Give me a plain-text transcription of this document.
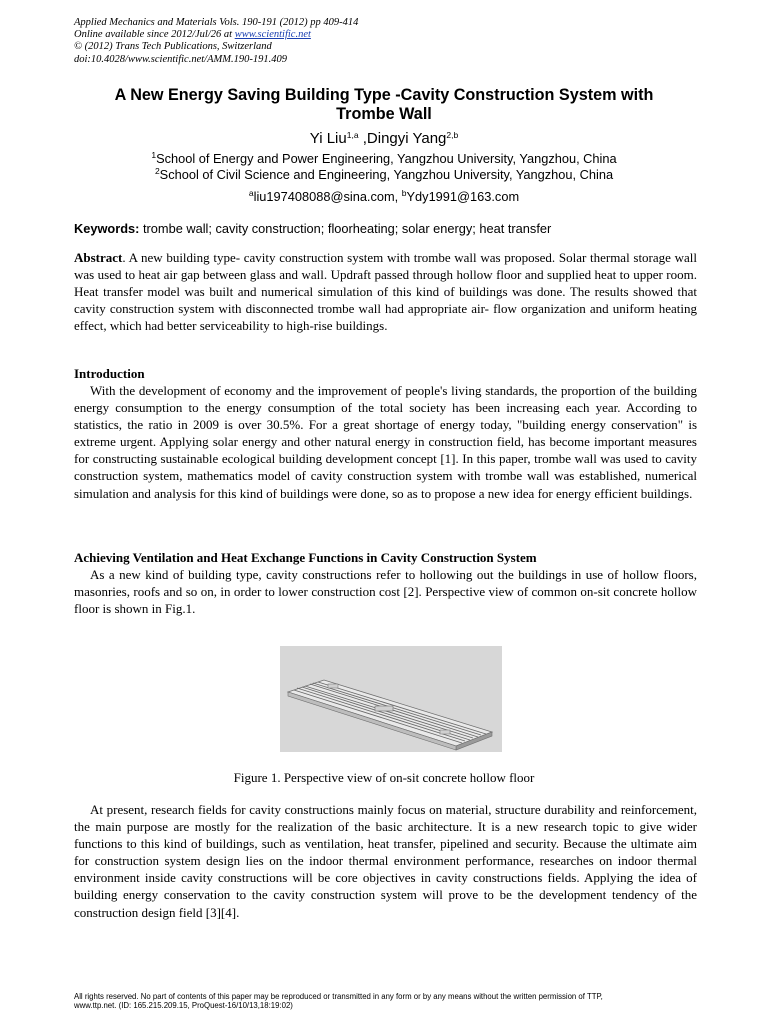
Applied Mechanics and Materials Vols. 190-191 (2012) pp 409-414
Online available since 2012/Jul/26 at www.scientific.net
© (2012) Trans Tech Publications, Switzerland
doi:10.4028/www.scientific.net/AMM.190-191.409
A New Energy Saving Building Type -Cavity Construction System with
Trombe Wall
Yi Liu$^{1,a}$ ,Dingyi Yang$^{2,b}$
$^1$School of Energy and Power Engineering, Yangzhou University, Yangzhou, China
$^2$School of Civil Science and Engineering, Yangzhou University, Yangzhou, China
$^a$liu197408088@sina.com, $^b$Ydy1991@163.com
Keywords: trombe wall; cavity construction; floorheating; solar energy; heat transfer

Abstract. A new building type- cavity construction system with trombe wall was proposed. Solar thermal storage wall was used to heat air gap between glass and wall. Updraft passed through hollow floor and supplied heat to upper room. Heat transfer model was built and numerical simulation of this kind of buildings was done. The results showed that cavity construction system with disconnected trombe wall had appropriate air- flow organization and uniform heating effect, which had better serviceability to high-rise buildings.

Introduction

With the development of economy and the improvement of people's living standards, the proportion of the building energy consumption to the energy consumption of the total society has been increasing each year. According to statistics, the ratio in 2009 is over 30.5%. For a great shortage of energy today, "building energy conservation" is extreme urgent. Applying solar energy and other natural energy in construction field, has become important measures for constructing sustainable ecological building development concept [1]. In this paper, trombe wall was used to cavity construction system, mathematics model of cavity construction system with trombe wall was established, numerical simulation and analysis for this kind of buildings were done, so as to propose a new idea for energy efficient buildings.

Achieving Ventilation and Heat Exchange Functions in Cavity Construction System

As a new kind of building type, cavity constructions refer to hollowing out the buildings in use of hollow floors, masonries, roofs and so on, in order to lower construction cost [2]. Perspective view of common on-sit concrete hollow floor is shown in Fig.1.

Figure 1. Perspective view of on-sit concrete hollow floor

At present, research fields for cavity constructions mainly focus on material, structure durability and reinforcement, the main purpose are mostly for the realization of the basic architecture. It is a new research topic to give wider functions to this kind of buildings, such as ventilation, heat transfer, pipelined and security. Because the ultimate aim for construction system design lies on the indoor thermal environment performance, researches on indoor thermal environment inside cavity constructions will be core objectives in cavity constructions fields. Applying the idea of building energy conservation to the cavity construction system will prove to be the development tendency of the construction design field [3][4].

All rights reserved. No part of contents of this paper may be reproduced or transmitted in any form or by any means without the written permission of TTP,
www.ttp.net. (ID: 165.215.209.15, ProQuest-16/10/13,18:19:02)
